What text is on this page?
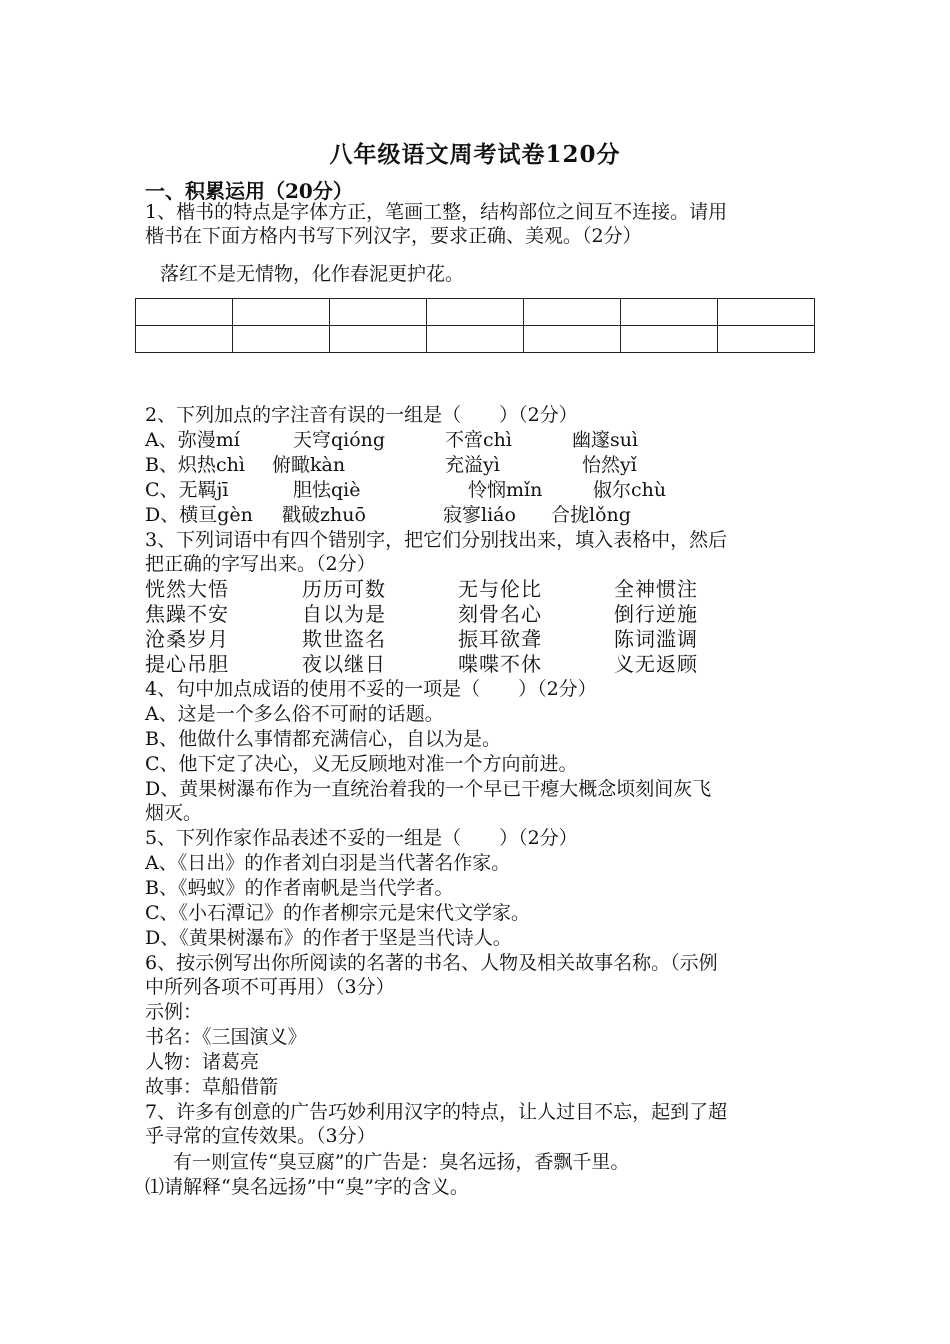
八年级语文周考试卷120分
一、积累运用（20分）
1、楷书的特点是字体方正，笔画工整，结构部位之间互不连接。请用
楷书在下面方格内书写下列汉字，要求正确、美观。（2分）
落红不是无情物，化作春泥更护花。

2、下列加点的字注音有误的一组是（　　）（2分）
A、弥漫mí	天穹qióng	不啻chì	幽邃suì
B、炽热chì 俯瞰kàn	充溢yì	怡然yǐ
C、无羁jī	胆怯qiè	怜悯mǐn	俶尔chù
D、横亘gèn 戳破zhuō	寂寥liáo 合拢lǒng
3、下列词语中有四个错别字，把它们分别找出来，填入表格中，然后
把正确的字写出来。（2分）
恍然大悟	历历可数	无与伦比	全神惯注
焦躁不安	自以为是	刻骨名心	倒行逆施
沧桑岁月	欺世盗名	振耳欲聋	陈词滥调
提心吊胆	夜以继日	喋喋不休	义无返顾
4、句中加点成语的使用不妥的一项是（　　）（2分）
A、这是一个多么俗不可耐的话题。
B、他做什么事情都充满信心，自以为是。
C、他下定了决心，义无反顾地对准一个方向前进。
D、黄果树瀑布作为一直统治着我的一个早已干瘪大概念顷刻间灰飞
烟灭。
5、下列作家作品表述不妥的一组是（　　）（2分）
A、《日出》的作者刘白羽是当代著名作家。
B、《蚂蚁》的作者南帆是当代学者。
C、《小石潭记》的作者柳宗元是宋代文学家。
D、《黄果树瀑布》的作者于坚是当代诗人。
6、按示例写出你所阅读的名著的书名、人物及相关故事名称。（示例
中所列各项不可再用）（3分）
示例：
书名：《三国演义》
人物：诸葛亮
故事：草船借箭
7、许多有创意的广告巧妙利用汉字的特点，让人过目不忘，起到了超
乎寻常的宣传效果。（3分）
有一则宣传“臭豆腐”的广告是：臭名远扬，香飘千里。
⑴请解释“臭名远扬”中“臭”字的含义。
